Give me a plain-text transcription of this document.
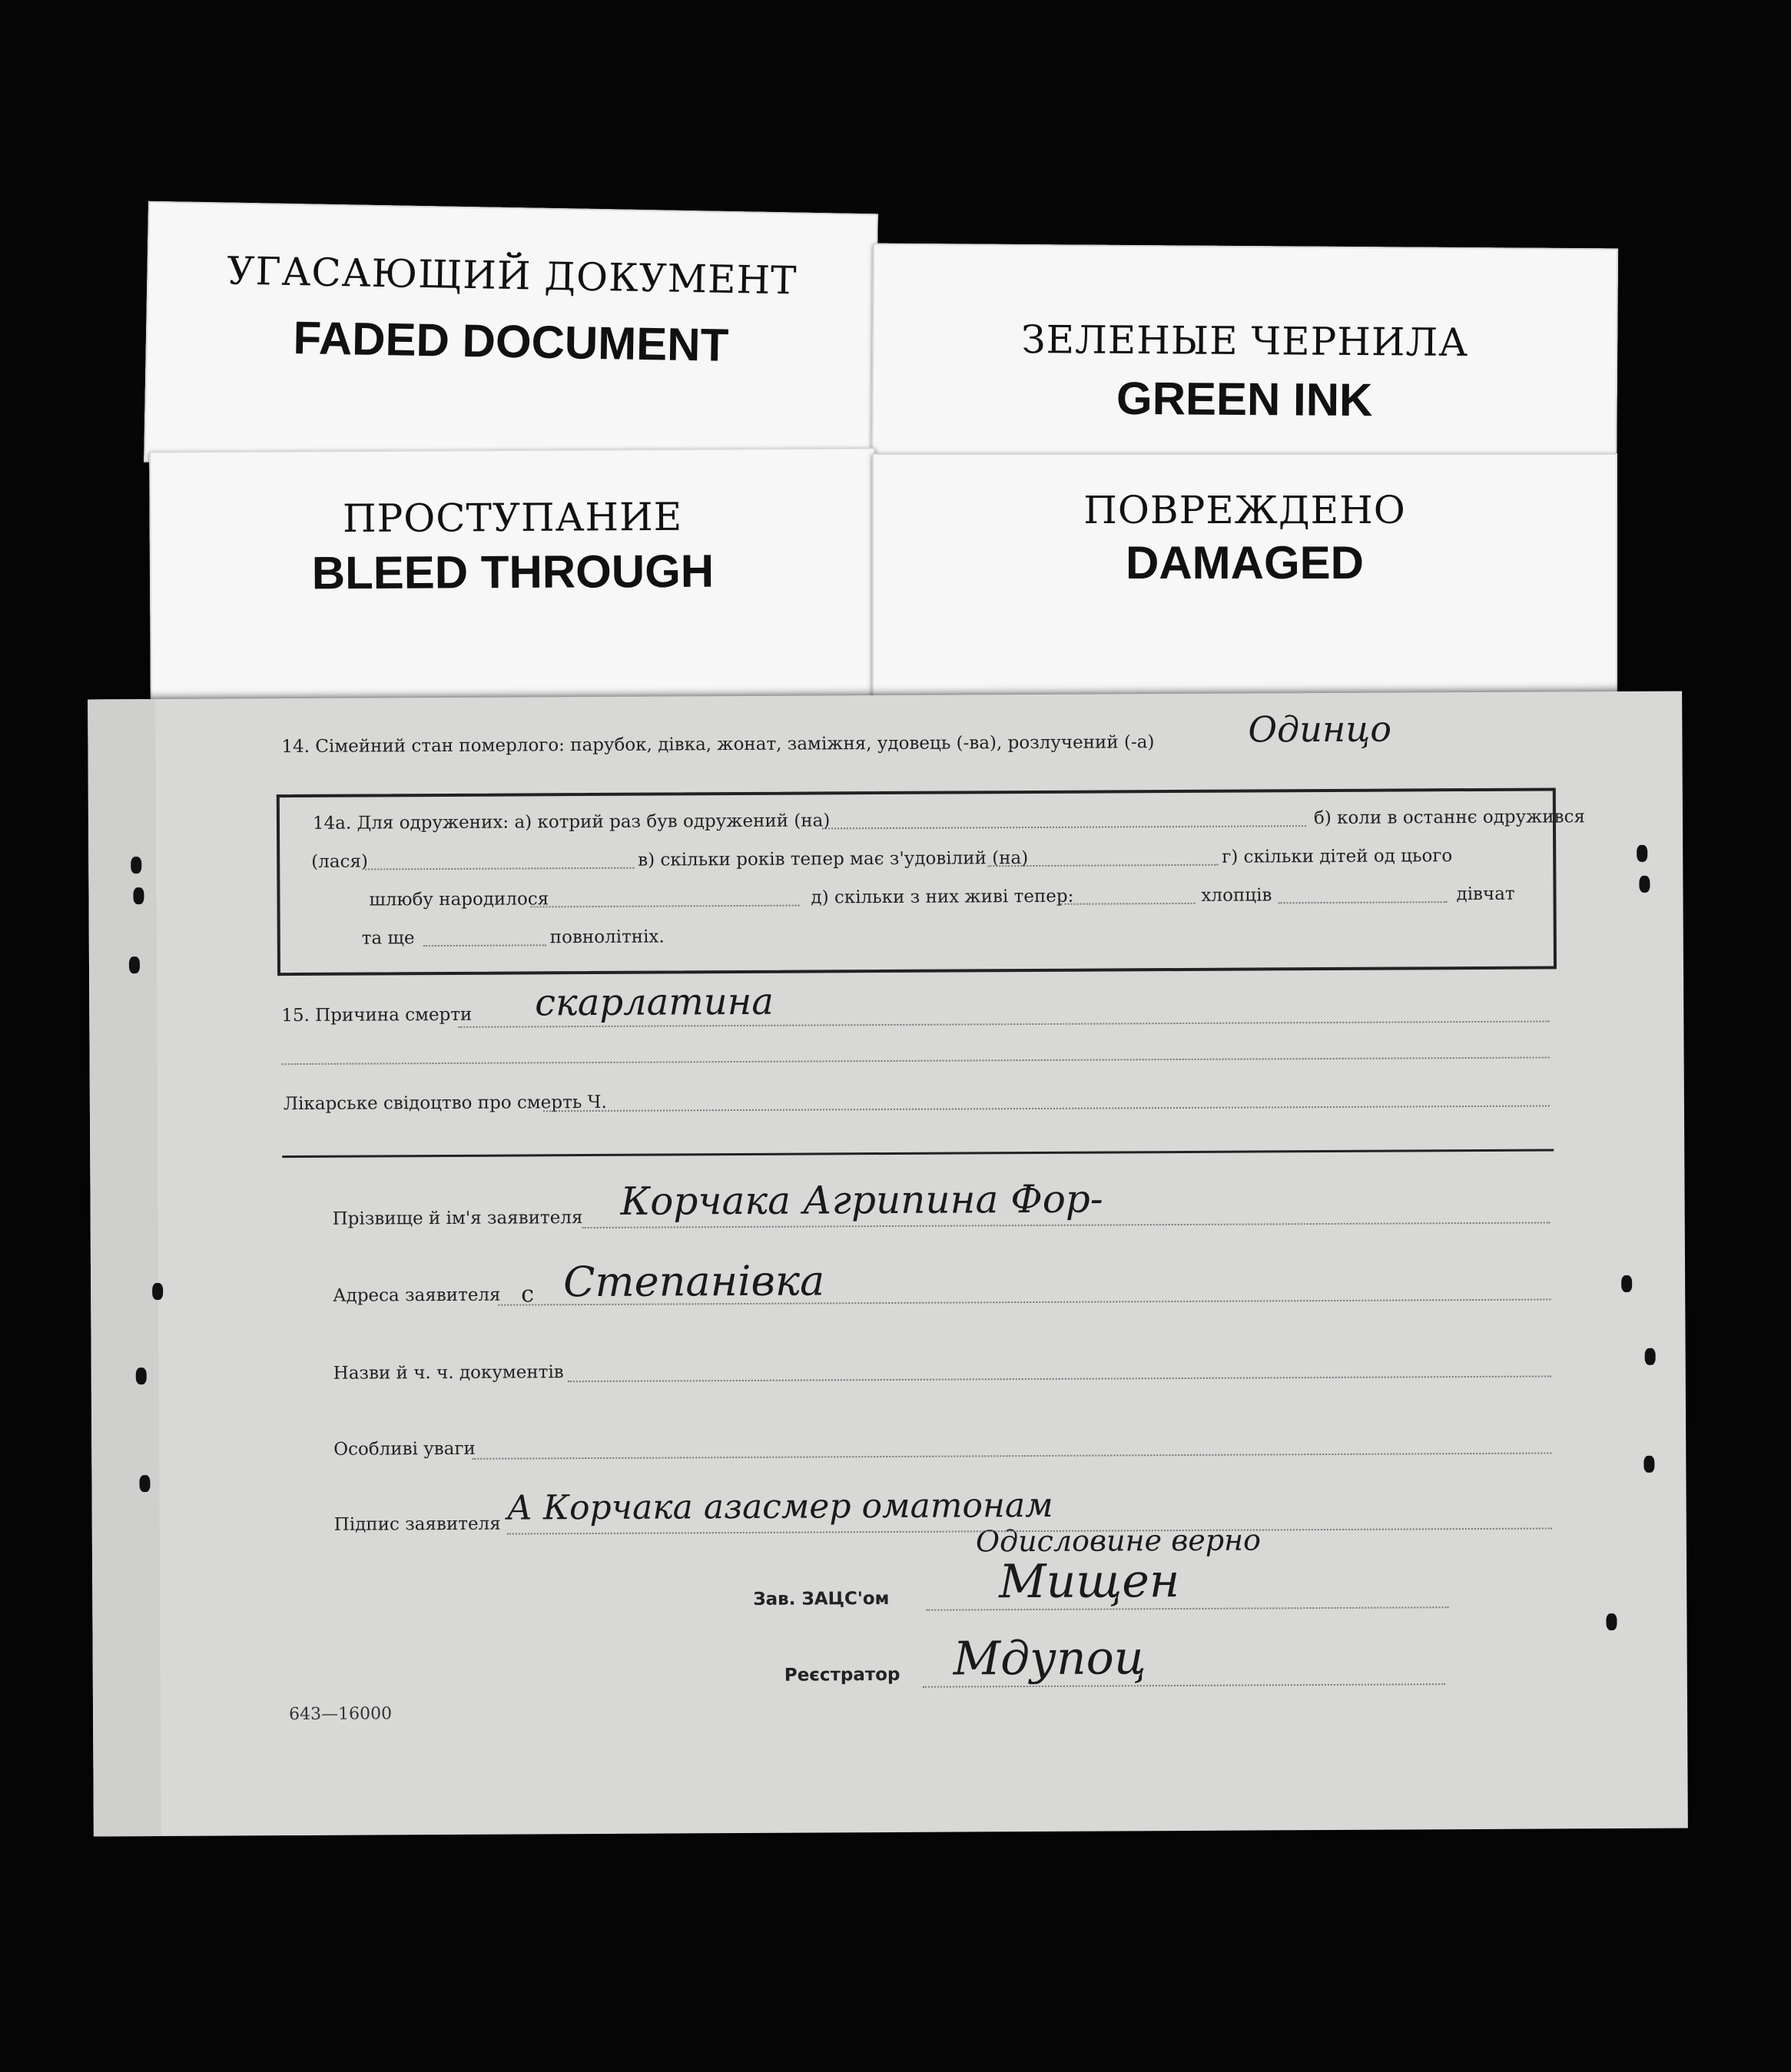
УГАСАЮЩИЙ ДОКУМЕНТ
FADED DOCUMENT	ЗЕЛЕНЫЕ ЧЕРНИЛА
GREEN INK
ПРОСТУПАНИЕ
BLEED THROUGH
ПОВРЕЖДЕНО
DAMAGED
14. Сімейний стан померлого: парубок, дівка, жонат, заміжня, удовець (-ва), розлучений (-а)	Одинцо
14а. Для одружених: а) котрий раз був одружений (на)	б) коли в останнє одружився
(лася)	в) скільки років тепер має з'удовілий (на)	г) скільки дітей од цього
шлюбу народилося	д) скільки з них живі тепер:	хлопців	дівчат
та ще	повнолітніх.
15. Причина смерти скарлатина
Лікарське свідоцтво про смерть Ч.
Прізвище й ім'я заявителя Корчака Агрипина Фор-
Адреса заявителя с Степанівка
Назви й ч. ч. документів
Особливі уваги
Підпис заявителя А Корчака азасмер оматонам
Одисловине верно
Зав. ЗАЦС'ом Мищен
Реєстратор Мдупоц
643—16000
